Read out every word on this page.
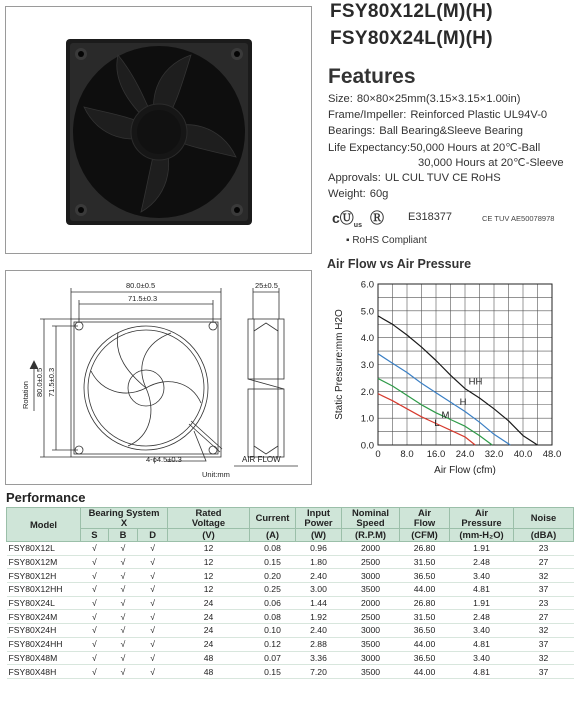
80.0±0.5
71.5±0.3
25±0.5
4-ϕ4.5±0.3
Unit:mm
AIR FLOW
80.0±0.5 71.5±0.3
Rotation
FSY80X12L(M)(H)
FSY80X24L(M)(H)
Features
Size: 80×80×25mm(3.15×3.15×1.00in)
Frame/Impeller: Reinforced Plastic UL94V-0
Bearings: Ball Bearing&Sleeve Bearing
Life Expectancy:50,000 Hours at 20℃-Ball
30,000 Hours at 20℃-Sleeve
Approvals: UL CUL TUV CE RoHS
Weight: 60g
$cⓊ_{us}$ Ⓡ E318377	CE TUV AE50078978
▪ RoHS Compliant
Air Flow vs Air Pressure
0 8.0 16.0 24.0 32.0 40.0 48.0
0.0
1.0
2.0
3.0
4.0
5.0
6.0
HH
H
M
L
Air Flow (cfm)
Static Pressure:mm H2O
Performance
Model	Bearing System
X			Rated
Voltage	Current	Input
Power	Nominal
Speed	Air
Flow	Air
Pressure	Noise
	S	B	D	(V)	(A)	(W)	(R.P.M)	(CFM)	(mm-H₂O)	(dBA)
FSY80X12L	√	√	√	12	0.08	0.96	2000	26.80	1.91	23
FSY80X12M	√	√	√	12	0.15	1.80	2500	31.50	2.48	27
FSY80X12H	√	√	√	12	0.20	2.40	3000	36.50	3.40	32
FSY80X12HH	√	√	√	12	0.25	3.00	3500	44.00	4.81	37
FSY80X24L	√	√	√	24	0.06	1.44	2000	26.80	1.91	23
FSY80X24M	√	√	√	24	0.08	1.92	2500	31.50	2.48	27
FSY80X24H	√	√	√	24	0.10	2.40	3000	36.50	3.40	32
FSY80X24HH	√	√	√	24	0.12	2.88	3500	44.00	4.81	37
FSY80X48M	√	√	√	48	0.07	3.36	3000	36.50	3.40	32
FSY80X48H	√	√	√	48	0.15	7.20	3500	44.00	4.81	37
